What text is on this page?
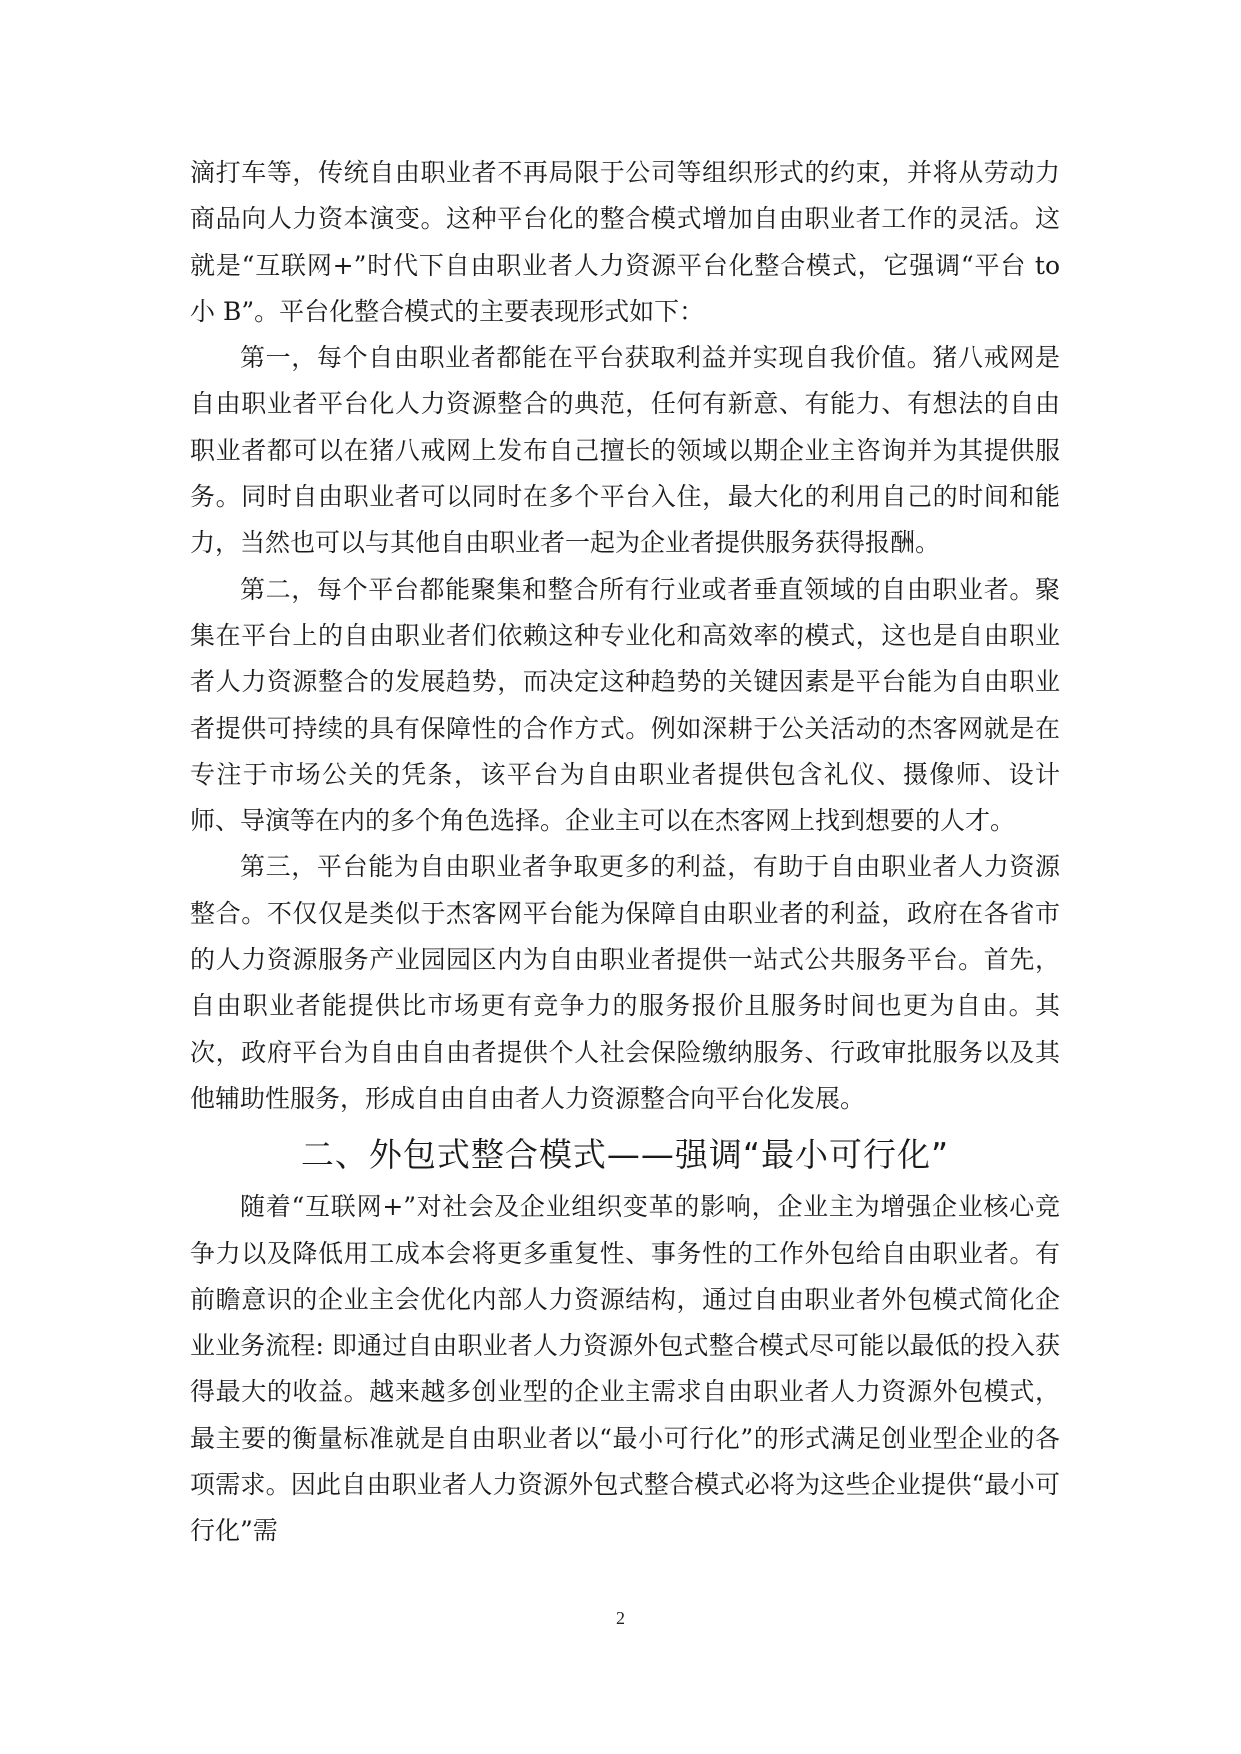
滴打车等，传统自由职业者不再局限于公司等组织形式的约束，并将从劳动力商品向人力资本演变。这种平台化的整合模式增加自由职业者工作的灵活。这就是“互联网+”时代下自由职业者人力资源平台化整合模式，它强调“平台 to 小 B”。平台化整合模式的主要表现形式如下：

第一，每个自由职业者都能在平台获取利益并实现自我价值。猪八戒网是自由职业者平台化人力资源整合的典范，任何有新意、有能力、有想法的自由职业者都可以在猪八戒网上发布自己擅长的领域以期企业主咨询并为其提供服务。同时自由职业者可以同时在多个平台入住，最大化的利用自己的时间和能力，当然也可以与其他自由职业者一起为企业者提供服务获得报酬。

第二，每个平台都能聚集和整合所有行业或者垂直领域的自由职业者。聚集在平台上的自由职业者们依赖这种专业化和高效率的模式，这也是自由职业者人力资源整合的发展趋势，而决定这种趋势的关键因素是平台能为自由职业者提供可持续的具有保障性的合作方式。例如深耕于公关活动的杰客网就是在专注于市场公关的凭条，该平台为自由职业者提供包含礼仪、摄像师、设计师、导演等在内的多个角色选择。企业主可以在杰客网上找到想要的人才。

第三，平台能为自由职业者争取更多的利益，有助于自由职业者人力资源整合。不仅仅是类似于杰客网平台能为保障自由职业者的利益，政府在各省市的人力资源服务产业园园区内为自由职业者提供一站式公共服务平台。首先，自由职业者能提供比市场更有竞争力的服务报价且服务时间也更为自由。其次，政府平台为自由自由者提供个人社会保险缴纳服务、行政审批服务以及其他辅助性服务，形成自由自由者人力资源整合向平台化发展。

二、外包式整合模式——强调“最小可行化”

随着“互联网+”对社会及企业组织变革的影响，企业主为增强企业核心竞争力以及降低用工成本会将更多重复性、事务性的工作外包给自由职业者。有前瞻意识的企业主会优化内部人力资源结构，通过自由职业者外包模式简化企业业务流程: 即通过自由职业者人力资源外包式整合模式尽可能以最低的投入获得最大的收益。越来越多创业型的企业主需求自由职业者人力资源外包模式，最主要的衡量标准就是自由职业者以“最小可行化”的形式满足创业型企业的各项需求。因此自由职业者人力资源外包式整合模式必将为这些企业提供“最小可行化”需

2
